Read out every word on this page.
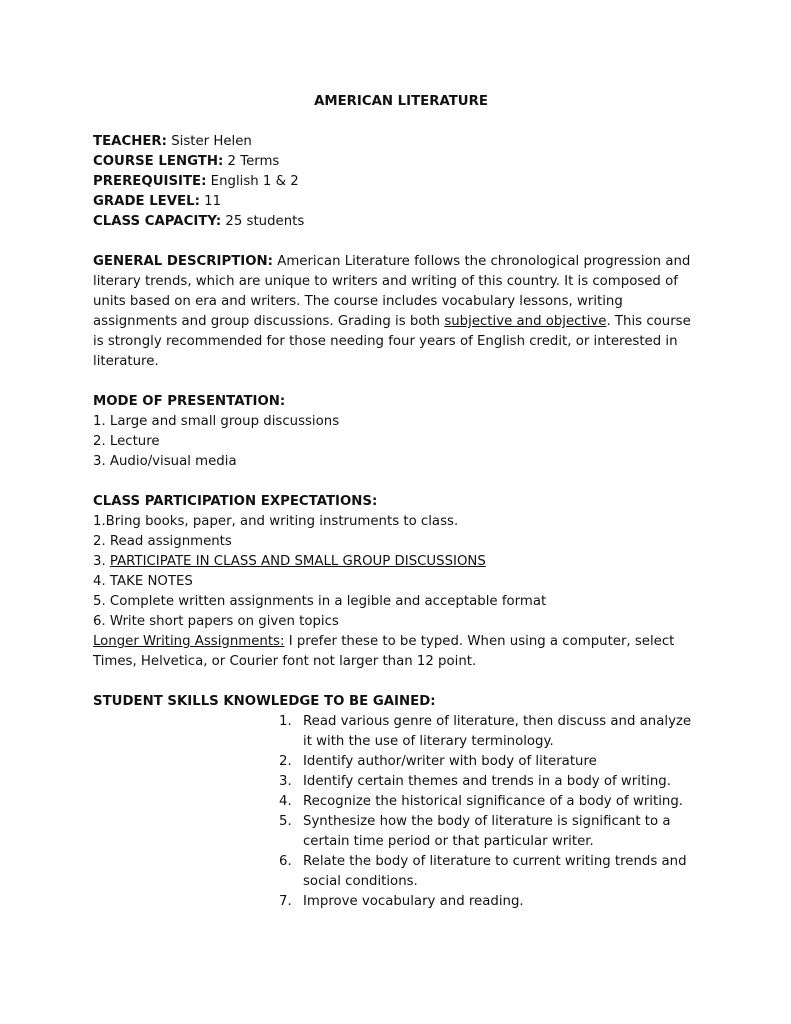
AMERICAN LITERATURE
TEACHER: Sister Helen
COURSE LENGTH: 2 Terms
PREREQUISITE: English 1 & 2
GRADE LEVEL: 11
CLASS CAPACITY: 25 students

GENERAL DESCRIPTION: American Literature follows the chronological progression and literary trends, which are unique to writers and writing of this country. It is composed of units based on era and writers. The course includes vocabulary lessons, writing assignments and group discussions. Grading is both subjective and objective. This course is strongly recommended for those needing four years of English credit, or interested in literature.

MODE OF PRESENTATION:
1. Large and small group discussions
2. Lecture
3. Audio/visual media
CLASS PARTICIPATION EXPECTATIONS:
1.Bring books, paper, and writing instruments to class.
2. Read assignments
3. PARTICIPATE IN CLASS AND SMALL GROUP DISCUSSIONS
4. TAKE NOTES
5. Complete written assignments in a legible and acceptable format
6. Write short papers on given topics

Longer Writing Assignments: I prefer these to be typed. When using a computer, select Times, Helvetica, or Courier font not larger than 12 point.

STUDENT SKILLS KNOWLEDGE TO BE GAINED:
1. Read various genre of literature, then discuss and analyze it with the use of literary terminology.
2. Identify author/writer with body of literature
3. Identify certain themes and trends in a body of writing.
4. Recognize the historical significance of a body of writing.
5. Synthesize how the body of literature is significant to a certain time period or that particular writer.
6. Relate the body of literature to current writing trends and social conditions.
7. Improve vocabulary and reading.
